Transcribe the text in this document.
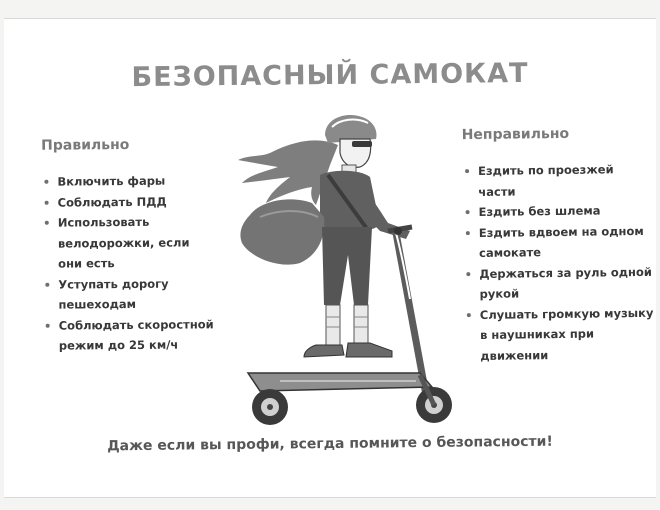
БЕЗОПАСНЫЙ САМОКАТ
Правильно
Включить фары
Соблюдать ПДД
Использовать велодорожки, если они есть
Уступать дорогу пешеходам
Соблюдать скоростной режим до 25 км/ч
Неправильно
Ездить по проезжей части
Ездить без шлема
Ездить вдвоем на одном самокате
Держаться за руль одной рукой
Слушать громкую музыку в наушниках при движении
Даже если вы профи, всегда помните о безопасности!
